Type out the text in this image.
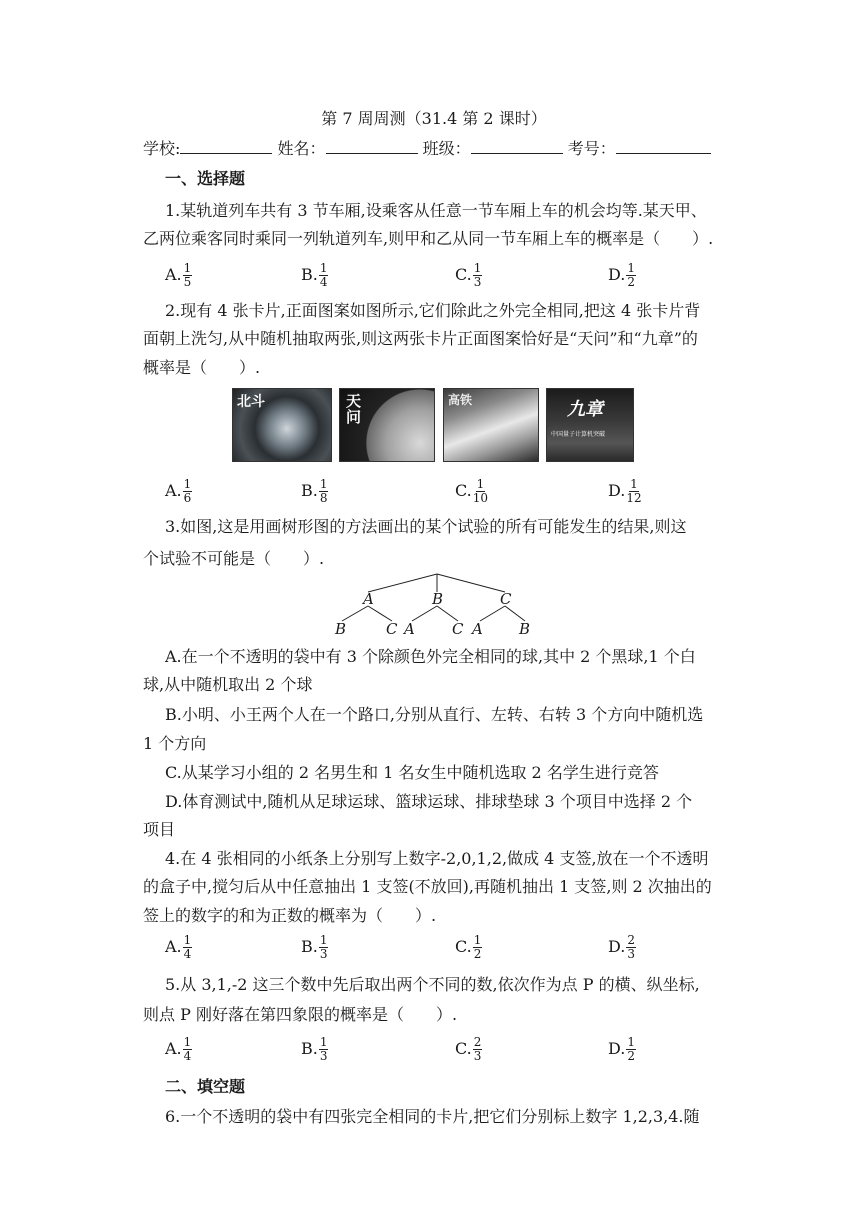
第 7 周周测（31.4 第 2 课时）
学校:	姓名：	班级：	考号：
一、选择题
1.某轨道列车共有 3 节车厢,设乘客从任意一节车厢上车的机会均等.某天甲、
乙两位乘客同时乘同一列轨道列车,则甲和乙从同一节车厢上车的概率是（　　）.
A. $\frac{1}{5}$	B. $\frac{1}{4}$	C. $\frac{1}{3}$	D. $\frac{1}{2}$
2.现有 4 张卡片,正面图案如图所示,它们除此之外完全相同,把这 4 张卡片背
面朝上洗匀,从中随机抽取两张,则这两张卡片正面图案恰好是“天问”和“九章”的
概率是（　　）.
北斗	天问
高铁	九章
中国量子计算机突破
A. $\frac{1}{6}$	B. $\frac{1}{8}$	C. $\frac{1}{10}$	D. $\frac{1}{12}$
3.如图,这是用画树形图的方法画出的某个试验的所有可能发生的结果,则这
个试验不可能是（　　）.
A	B	C
B	C A C A B
A.在一个不透明的袋中有 3 个除颜色外完全相同的球,其中 2 个黑球,1 个白
球,从中随机取出 2 个球
B.小明、小王两个人在一个路口,分别从直行、左转、右转 3 个方向中随机选
1 个方向
C.从某学习小组的 2 名男生和 1 名女生中随机选取 2 名学生进行竞答
D.体育测试中,随机从足球运球、篮球运球、排球垫球 3 个项目中选择 2 个
项目
4.在 4 张相同的小纸条上分别写上数字-2,0,1,2,做成 4 支签,放在一个不透明
的盒子中,搅匀后从中任意抽出 1 支签(不放回),再随机抽出 1 支签,则 2 次抽出的
签上的数字的和为正数的概率为（　　）.
A. $\frac{1}{4}$	B. $\frac{1}{3}$	C. $\frac{1}{2}$	D. $\frac{2}{3}$
5.从 3,1,-2 这三个数中先后取出两个不同的数,依次作为点 P 的横、纵坐标,
则点 P 刚好落在第四象限的概率是（　　）.
A. $\frac{1}{4}$	B. $\frac{1}{3}$	C. $\frac{2}{3}$	D. $\frac{1}{2}$
二、填空题
6.一个不透明的袋中有四张完全相同的卡片,把它们分别标上数字 1,2,3,4.随
